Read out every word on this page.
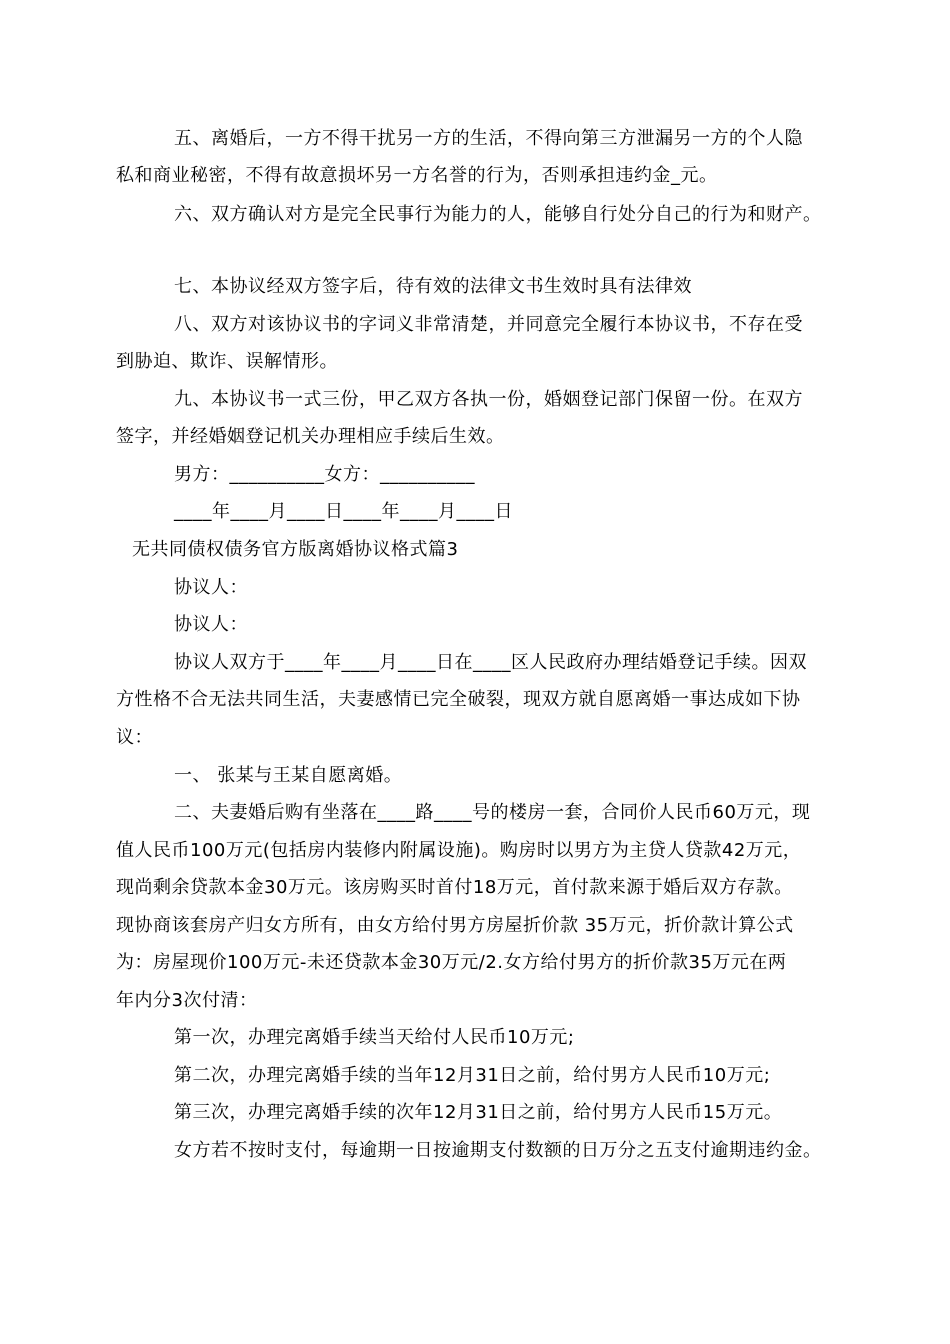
五、离婚后，一方不得干扰另一方的生活，不得向第三方泄漏另一方的个人隐
私和商业秘密，不得有故意损坏另一方名誉的行为，否则承担违约金_元。
六、双方确认对方是完全民事行为能力的人，能够自行处分自己的行为和财产。
七、本协议经双方签字后，待有效的法律文书生效时具有法律效
八、双方对该协议书的字词义非常清楚，并同意完全履行本协议书，不存在受
到胁迫、欺诈、误解情形。
九、本协议书一式三份，甲乙双方各执一份，婚姻登记部门保留一份。在双方
签字，并经婚姻登记机关办理相应手续后生效。
男方：__________女方：__________
____年____月____日____年____月____日
无共同债权债务官方版离婚协议格式篇3
协议人：
协议人：
协议人双方于____年____月____日在____区人民政府办理结婚登记手续。因双
方性格不合无法共同生活，夫妻感情已完全破裂，现双方就自愿离婚一事达成如下协
议：
一、 张某与王某自愿离婚。
二、夫妻婚后购有坐落在____路____号的楼房一套，合同价人民币60万元，现
值人民币100万元(包括房内装修内附属设施)。购房时以男方为主贷人贷款42万元，
现尚剩余贷款本金30万元。该房购买时首付18万元，首付款来源于婚后双方存款。
现协商该套房产归女方所有，由女方给付男方房屋折价款 35万元，折价款计算公式
为：房屋现价100万元-未还贷款本金30万元/2.女方给付男方的折价款35万元在两
年内分3次付清：
第一次，办理完离婚手续当天给付人民币10万元;
第二次，办理完离婚手续的当年12月31日之前，给付男方人民币10万元;
第三次，办理完离婚手续的次年12月31日之前，给付男方人民币15万元。
女方若不按时支付，每逾期一日按逾期支付数额的日万分之五支付逾期违约金。
